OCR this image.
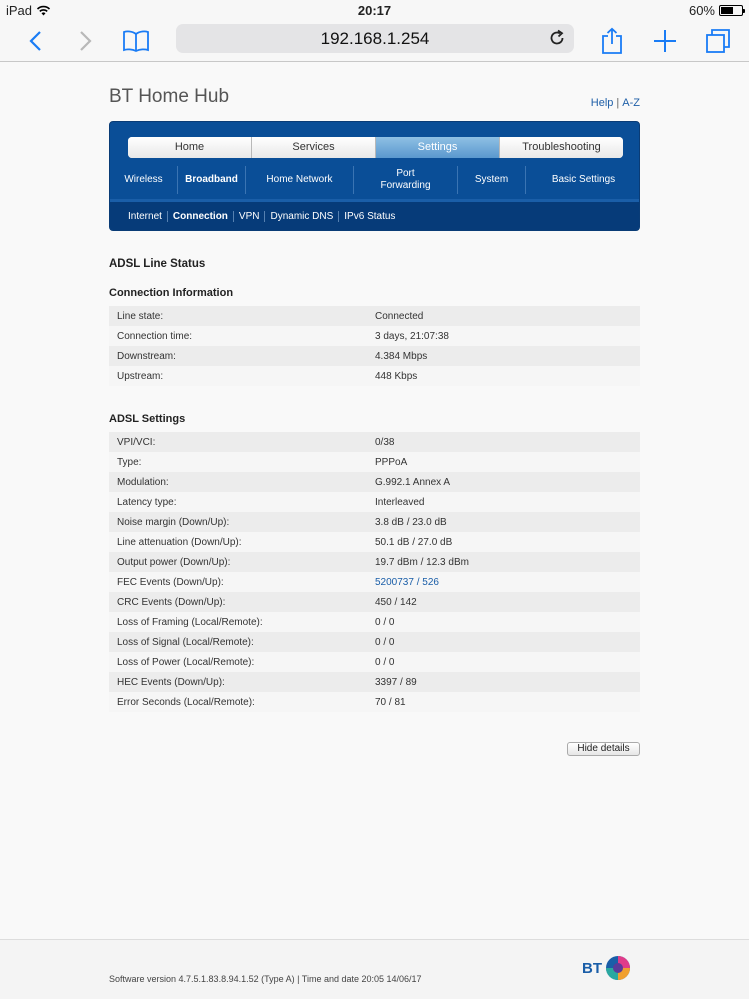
iPad	20:17	60%
192.168.1.254
BT Home Hub	Help | A-Z
Home	Services	Settings	Troubleshooting
Wireless	Broadband	Home Network
Port Forwarding
System	Basic Settings
Internet	Connection	VPN	Dynamic DNS	IPv6 Status
ADSL Line Status
Connection Information
Line state:	Connected
Connection time:	3 days, 21:07:38
Downstream:	4.384 Mbps
Upstream:	448 Kbps
ADSL Settings
VPI/VCI:	0/38
Type:	PPPoA
Modulation:	G.992.1 Annex A
Latency type:	Interleaved
Noise margin (Down/Up):	3.8 dB / 23.0 dB
Line attenuation (Down/Up):	50.1 dB / 27.0 dB
Output power (Down/Up):	19.7 dBm / 12.3 dBm
FEC Events (Down/Up):	5200737 / 526
CRC Events (Down/Up):	450 / 142
Loss of Framing (Local/Remote):	0 / 0
Loss of Signal (Local/Remote):	0 / 0
Loss of Power (Local/Remote):	0 / 0
HEC Events (Down/Up):	3397 / 89
Error Seconds (Local/Remote):	70 / 81
Hide details
Software version 4.7.5.1.83.8.94.1.52 (Type A) | Time and date 20:05 14/06/17
BT
